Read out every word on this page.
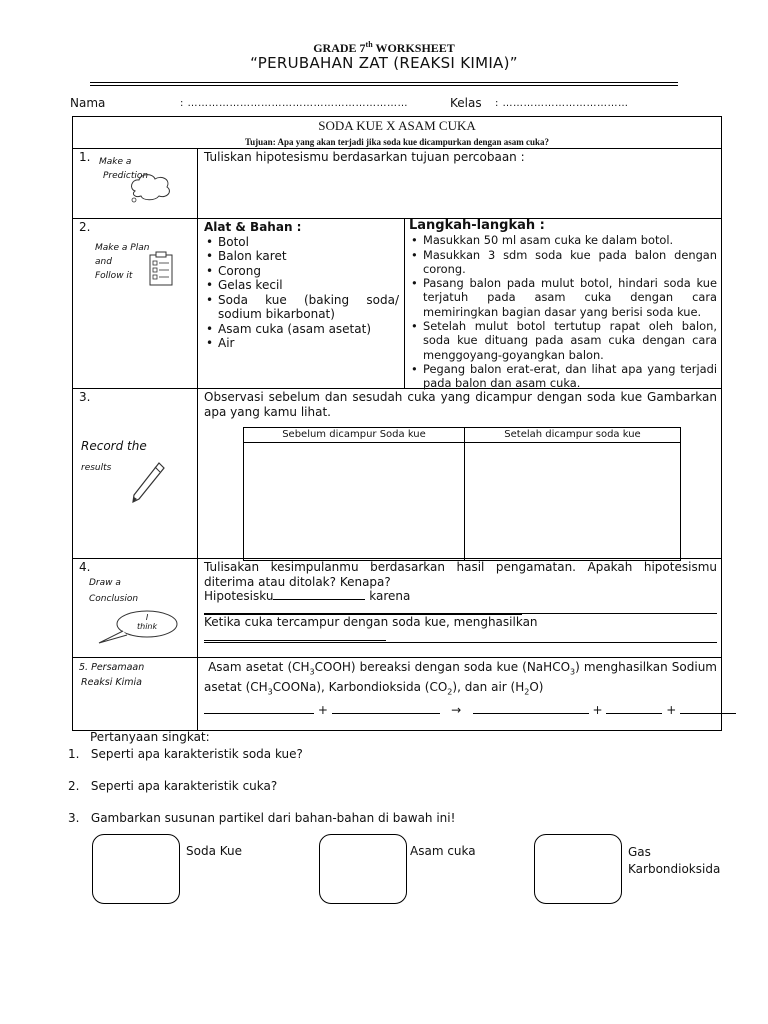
GRADE 7th WORKSHEET
“PERUBAHAN ZAT (REAKSI KIMIA)”
Nama	: ………………………………………………………	Kelas : ………………………………
SODA KUE X ASAM CUKA
Tujuan: Apa yang akan terjadi jika soda kue dicampurkan dengan asam cuka?
1. Make a
Prediction
Tuliskan hipotesismu berdasarkan tujuan percobaan :
2.
Make a Plan
and
Follow it
Alat & Bahan :
• Botol
• Balon karet
• Corong
• Gelas kecil
• Soda kue (baking soda/ sodium bikarbonat)
• Asam cuka (asam asetat)
• Air
Langkah-langkah :
• Masukkan 50 ml asam cuka ke dalam botol.
• Masukkan 3 sdm soda kue pada balon dengan corong.
• Pasang balon pada mulut botol, hindari soda kue terjatuh pada asam cuka dengan cara memiringkan bagian dasar yang berisi soda kue.
• Setelah mulut botol tertutup rapat oleh balon, soda kue dituang pada asam cuka dengan cara menggoyang-goyangkan balon.
• Pegang balon erat-erat, dan lihat apa yang terjadi pada balon dan asam cuka.
3.
Record the
results
Observasi sebelum dan sesudah cuka yang dicampur dengan soda kue Gambarkan apa yang kamu lihat.
Sebelum dicampur Soda kue	Setelah dicampur soda kue
4.
Draw a
Conclusion
I
think
Tulisakan kesimpulanmu berdasarkan hasil pengamatan. Apakah hipotesismu diterima atau ditolak? Kenapa?
Hipotesisku	karena
Ketika cuka tercampur dengan soda kue, menghasilkan
5. Persamaan
Reaksi Kimia
Asam asetat $(CH_3COOH)$ bereaksi dengan soda kue (NaHCO$_3$) menghasilkan Sodium asetat $(CH_3COONa)$, Karbondioksida $(CO_2)$, dan air $(H_2O)$
+	→	+	+
Pertanyaan singkat:
1. Seperti apa karakteristik soda kue?
2. Seperti apa karakteristik cuka?
3. Gambarkan susunan partikel dari bahan-bahan di bawah ini!
Soda Kue	Asam cuka	Gas Karbondioksida
